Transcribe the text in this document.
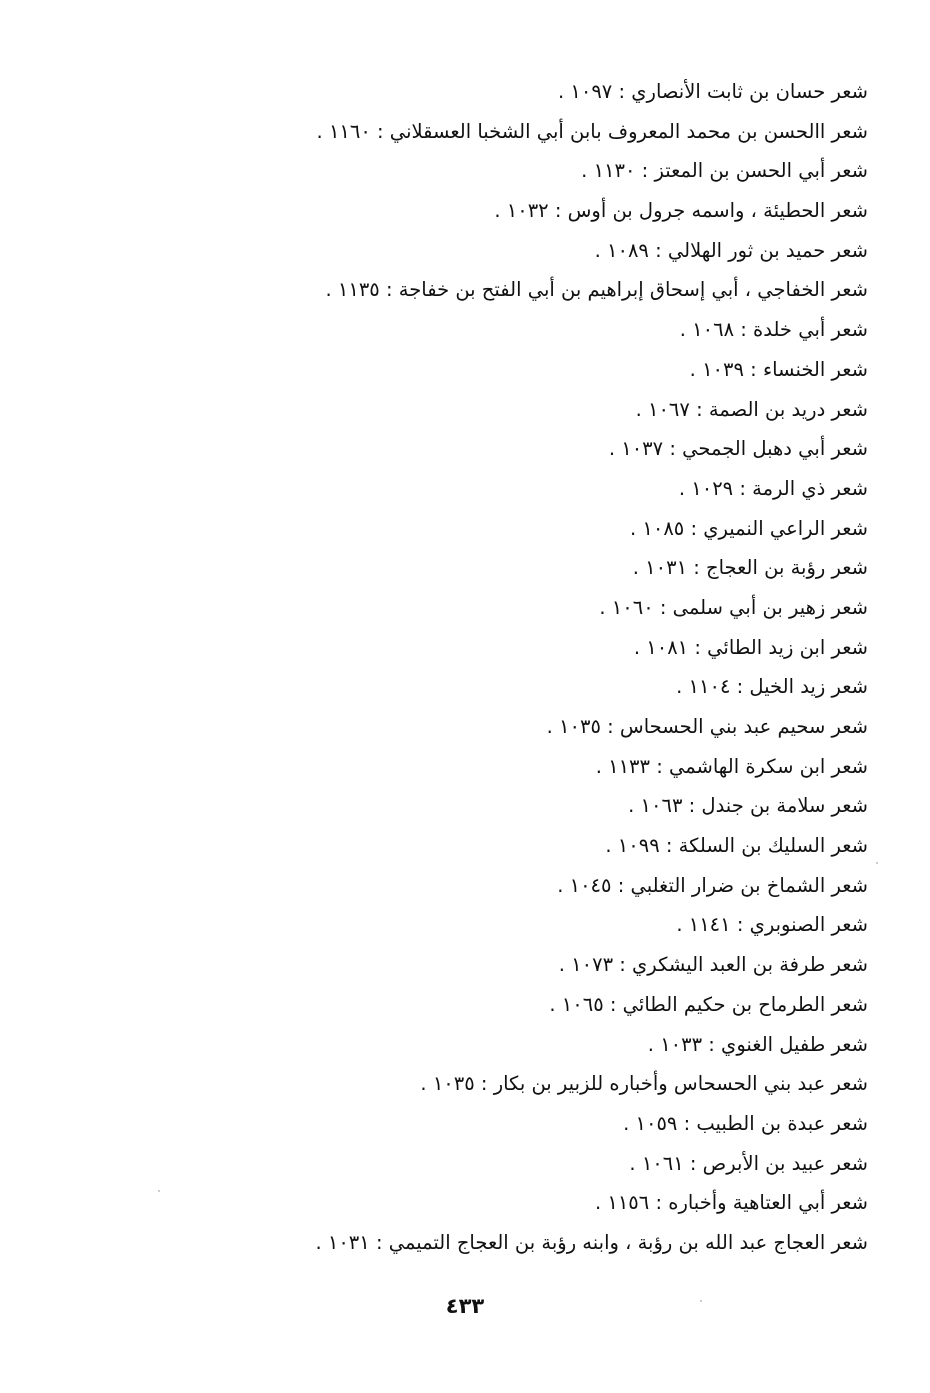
شعر حسان بن ثابت الأنصاري : ١٠٩٧ .
شعر االحسن بن محمد المعروف بابن أبي الشخبا العسقلاني : ١١٦٠ .
شعر أبي الحسن بن المعتز : ١١٣٠ .
شعر الحطيئة ، واسمه جرول بن أوس : ١٠٣٢ .
شعر حميد بن ثور الهلالي : ١٠٨٩ .
شعر الخفاجي ، أبي إسحاق إبراهيم بن أبي الفتح بن خفاجة : ١١٣٥ .
شعر أبي خلدة : ١٠٦٨ .
شعر الخنساء : ١٠٣٩ .
شعر دريد بن الصمة : ١٠٦٧ .
شعر أبي دهبل الجمحي : ١٠٣٧ .
شعر ذي الرمة : ١٠٢٩ .
شعر الراعي النميري : ١٠٨٥ .
شعر رؤبة بن العجاج : ١٠٣١ .
شعر زهير بن أبي سلمى : ١٠٦٠ .
شعر ابن زيد الطائي : ١٠٨١ .
شعر زيد الخيل : ١١٠٤ .
شعر سحيم عبد بني الحسحاس : ١٠٣٥ .
شعر ابن سكرة الهاشمي : ١١٣٣ .
شعر سلامة بن جندل : ١٠٦٣ .
شعر السليك بن السلكة : ١٠٩٩ .
شعر الشماخ بن ضرار التغلبي : ١٠٤٥ .
شعر الصنوبري : ١١٤١ .
شعر طرفة بن العبد اليشكري : ١٠٧٣ .
شعر الطرماح بن حكيم الطائي : ١٠٦٥ .
شعر طفيل الغنوي : ١٠٣٣ .
شعر عبد بني الحسحاس وأخباره للزبير بن بكار : ١٠٣٥ .
شعر عبدة بن الطبيب : ١٠٥٩ .
شعر عبيد بن الأبرص : ١٠٦١ .
شعر أبي العتاهية وأخباره : ١١٥٦ .
شعر العجاج عبد الله بن رؤبة ، وابنه رؤبة بن العجاج التميمي : ١٠٣١ .
٤٣٣
